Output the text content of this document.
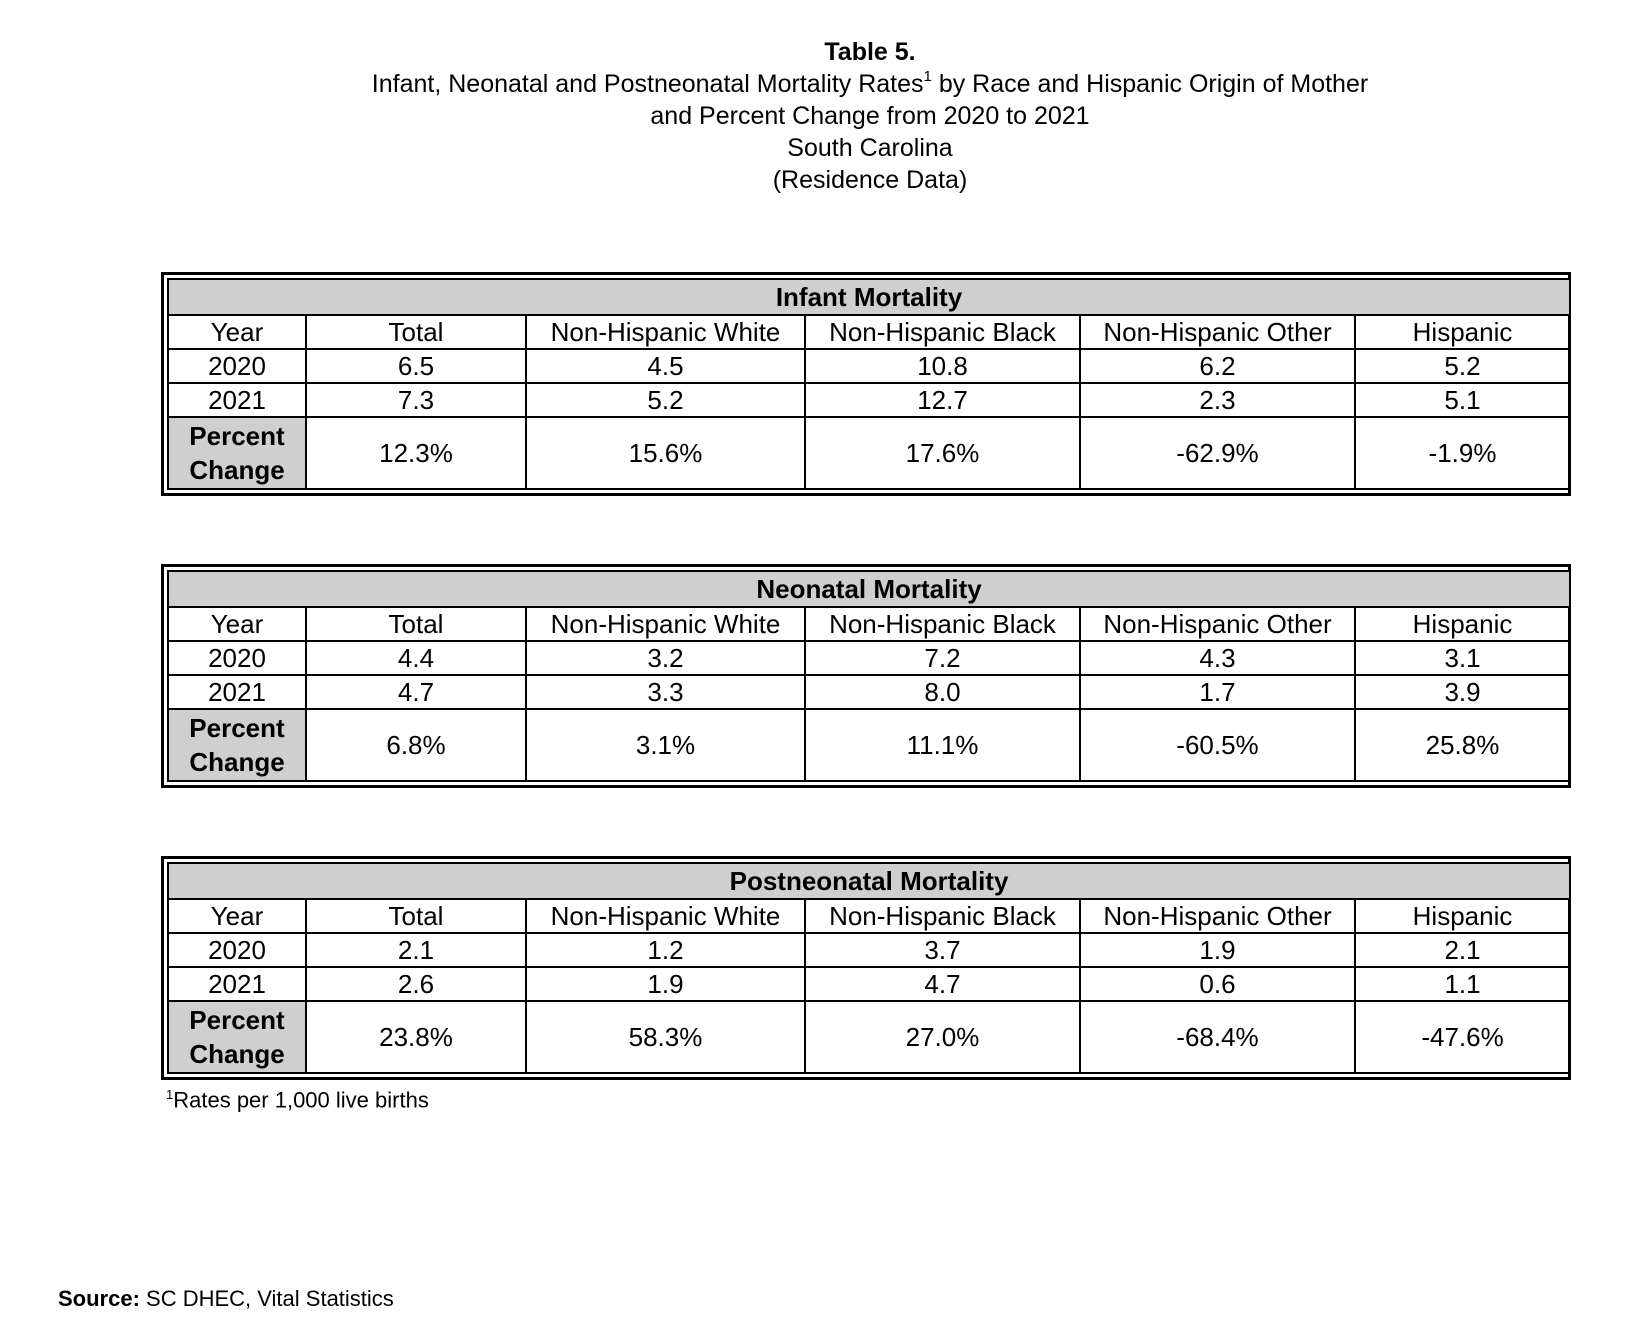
Table 5.
Infant, Neonatal and Postneonatal Mortality Rates$^1$ by Race and Hispanic Origin of Mother
and Percent Change from 2020 to 2021
South Carolina
(Residence Data)
Infant Mortality					
Year	Total	Non-Hispanic White	Non-Hispanic Black	Non-Hispanic Other	Hispanic
2020	6.5	4.5	10.8	6.2	5.2
2021	7.3	5.2	12.7	2.3	5.1
Percent
Change	12.3%	15.6%	17.6%	-62.9%	-1.9%
Neonatal Mortality					
Year	Total	Non-Hispanic White	Non-Hispanic Black	Non-Hispanic Other	Hispanic
2020	4.4	3.2	7.2	4.3	3.1
2021	4.7	3.3	8.0	1.7	3.9
Percent
Change	6.8%	3.1%	11.1%	-60.5%	25.8%
Postneonatal Mortality					
Year	Total	Non-Hispanic White	Non-Hispanic Black	Non-Hispanic Other	Hispanic
2020	2.1	1.2	3.7	1.9	2.1
2021	2.6	1.9	4.7	0.6	1.1
Percent
Change	23.8%	58.3%	27.0%	-68.4%	-47.6%
$^1$Rates per 1,000 live births
Source: SC DHEC, Vital Statistics
